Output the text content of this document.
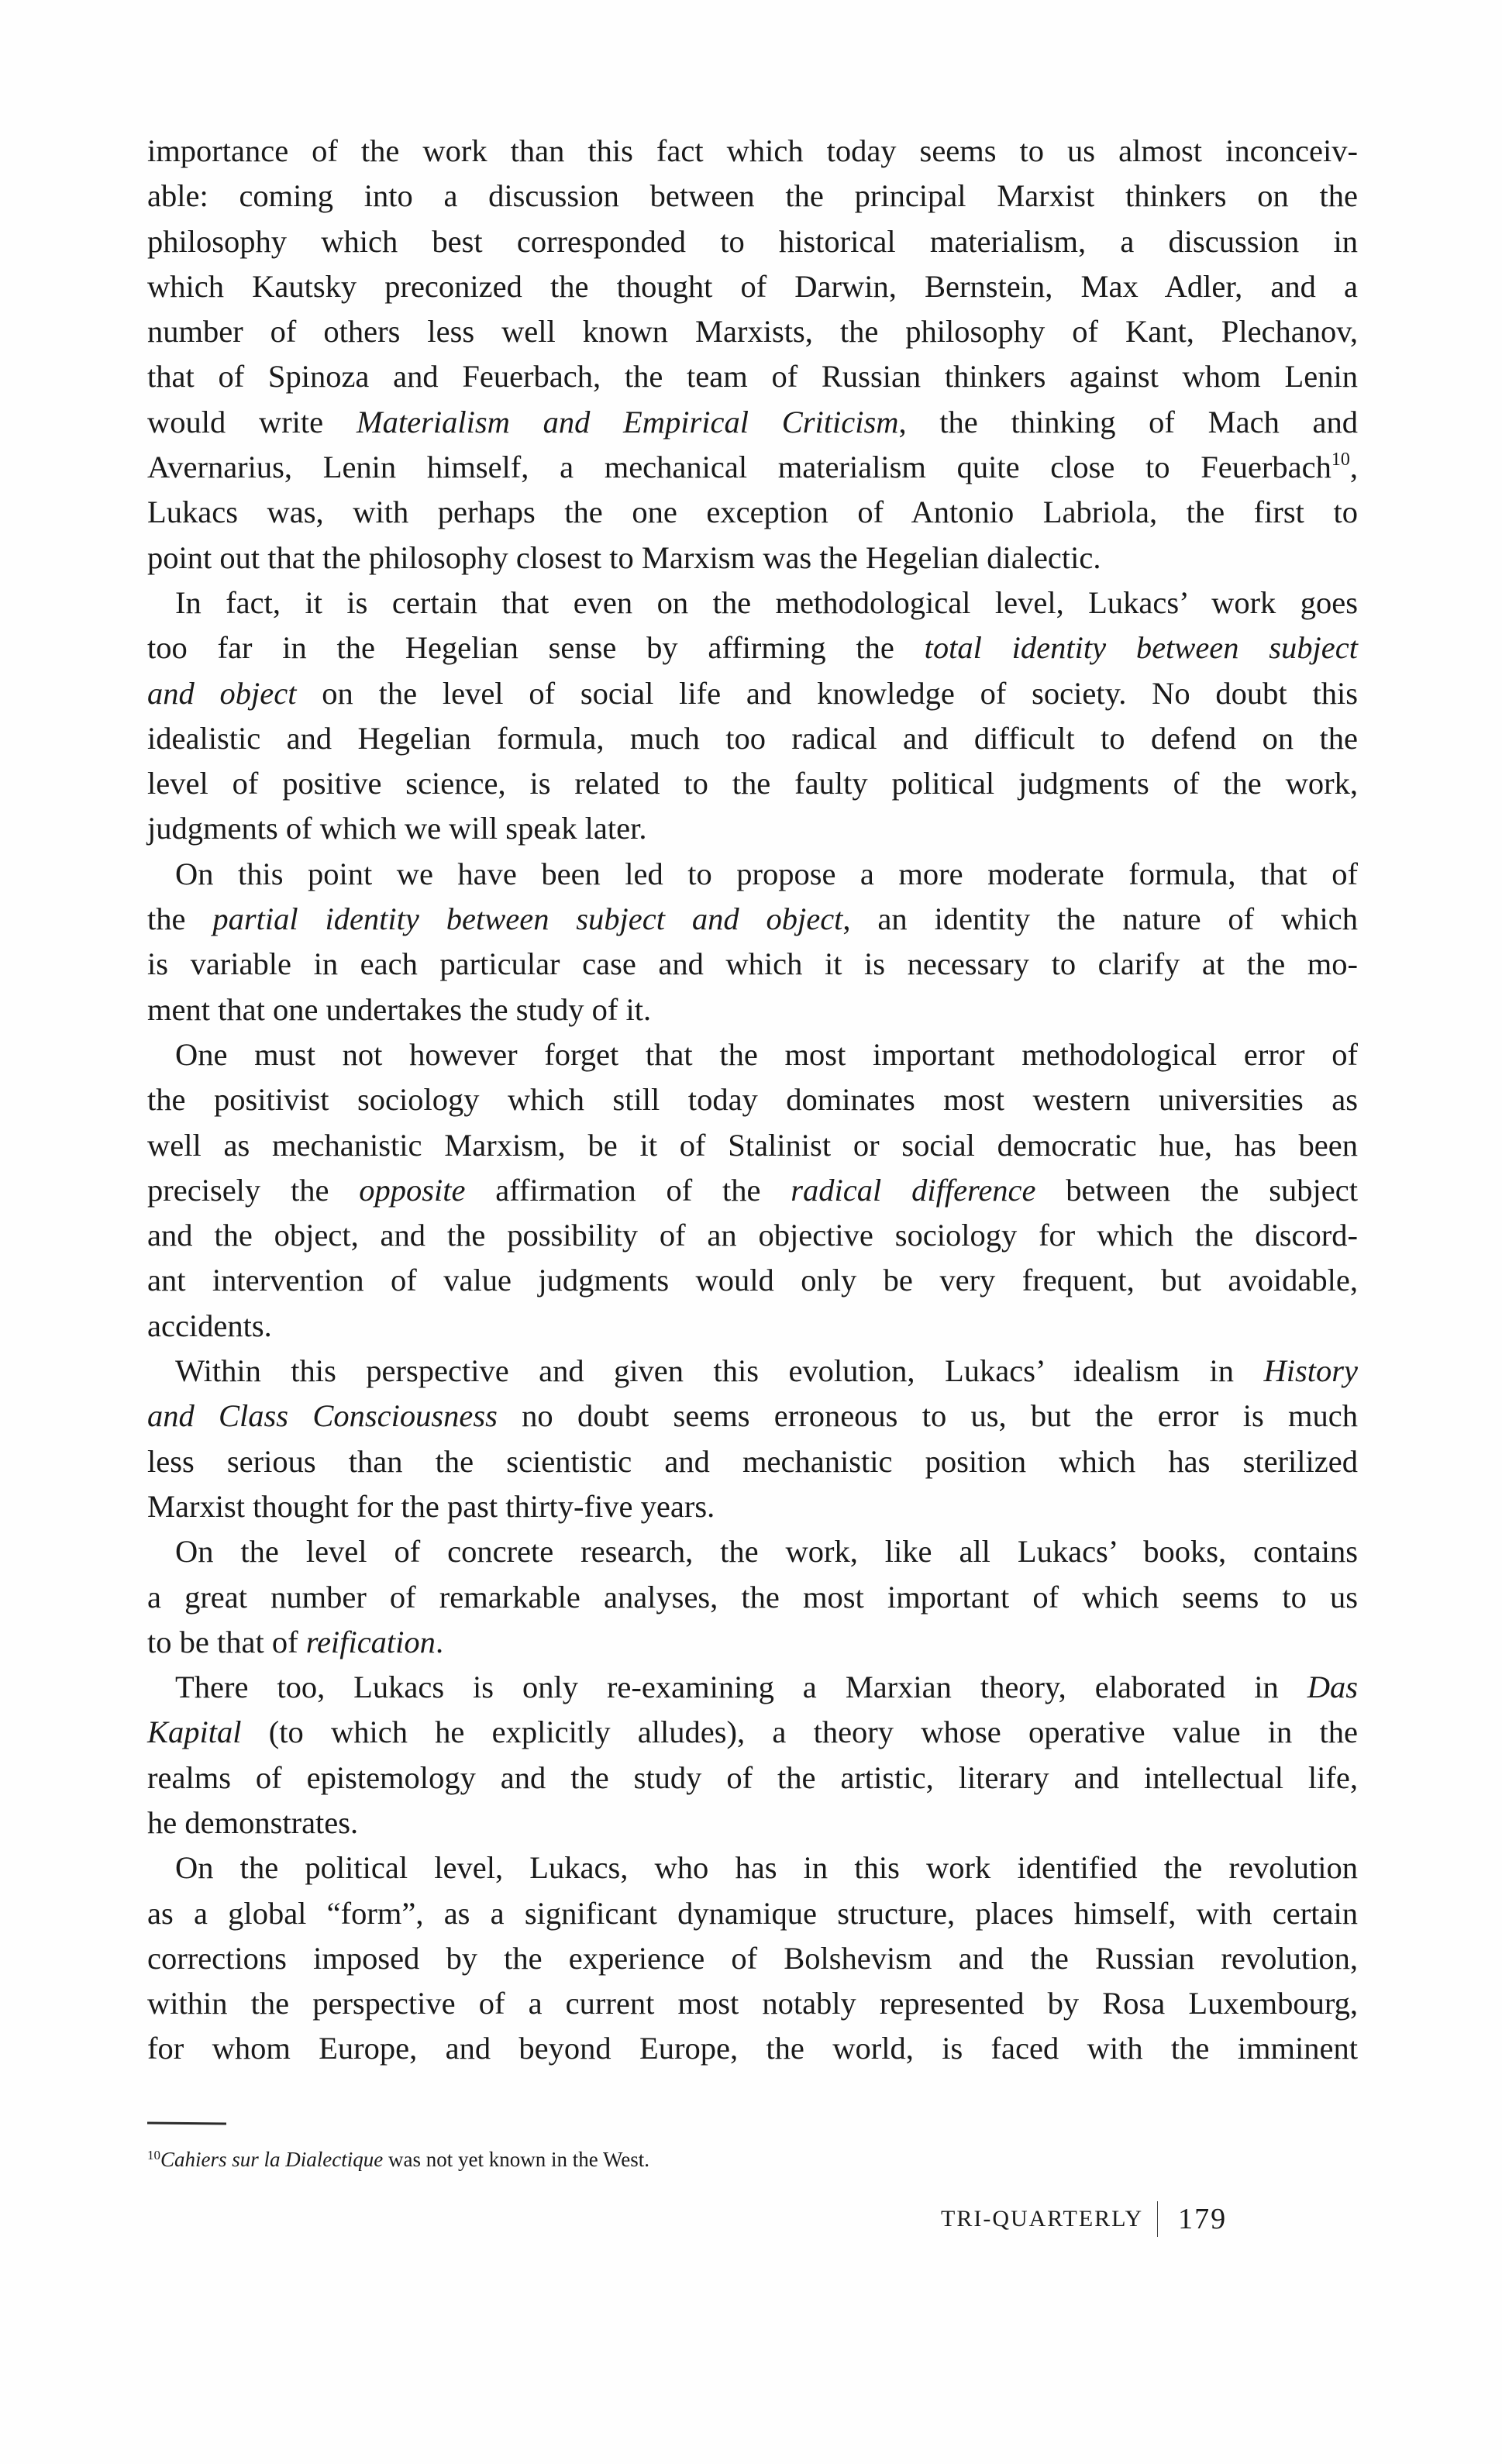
importance of the work than this fact which today seems to us almost inconceiv-
able: coming into a discussion between the principal Marxist thinkers on the
philosophy which best corresponded to historical materialism, a discussion in
which Kautsky preconized the thought of Darwin, Bernstein, Max Adler, and a
number of others less well known Marxists, the philosophy of Kant, Plechanov,
that of Spinoza and Feuerbach, the team of Russian thinkers against whom Lenin
would write Materialism and Empirical Criticism, the thinking of Mach and
Avernarius, Lenin himself, a mechanical materialism quite close to Feuerbach$^{10}$,
Lukacs was, with perhaps the one exception of Antonio Labriola, the first to
point out that the philosophy closest to Marxism was the Hegelian dialectic.
In fact, it is certain that even on the methodological level, Lukacs’ work goes
too far in the Hegelian sense by affirming the total identity between subject
and object on the level of social life and knowledge of society. No doubt this
idealistic and Hegelian formula, much too radical and difficult to defend on the
level of positive science, is related to the faulty political judgments of the work,
judgments of which we will speak later.
On this point we have been led to propose a more moderate formula, that of
the partial identity between subject and object, an identity the nature of which
is variable in each particular case and which it is necessary to clarify at the mo-
ment that one undertakes the study of it.
One must not however forget that the most important methodological error of
the positivist sociology which still today dominates most western universities as
well as mechanistic Marxism, be it of Stalinist or social democratic hue, has been
precisely the opposite affirmation of the radical difference between the subject
and the object, and the possibility of an objective sociology for which the discord-
ant intervention of value judgments would only be very frequent, but avoidable,
accidents.
Within this perspective and given this evolution, Lukacs’ idealism in History
and Class Consciousness no doubt seems erroneous to us, but the error is much
less serious than the scientistic and mechanistic position which has sterilized
Marxist thought for the past thirty-five years.
On the level of concrete research, the work, like all Lukacs’ books, contains
a great number of remarkable analyses, the most important of which seems to us
to be that of reification.
There too, Lukacs is only re-examining a Marxian theory, elaborated in Das
Kapital (to which he explicitly alludes), a theory whose operative value in the
realms of epistemology and the study of the artistic, literary and intellectual life,
he demonstrates.
On the political level, Lukacs, who has in this work identified the revolution
as a global “form”, as a significant dynamique structure, places himself, with certain
corrections imposed by the experience of Bolshevism and the Russian revolution,
within the perspective of a current most notably represented by Rosa Luxembourg,
for whom Europe, and beyond Europe, the world, is faced with the imminent
$^{10}$Cahiers sur la Dialectique was not yet known in the West.
TRI-QUARTERLY 179
